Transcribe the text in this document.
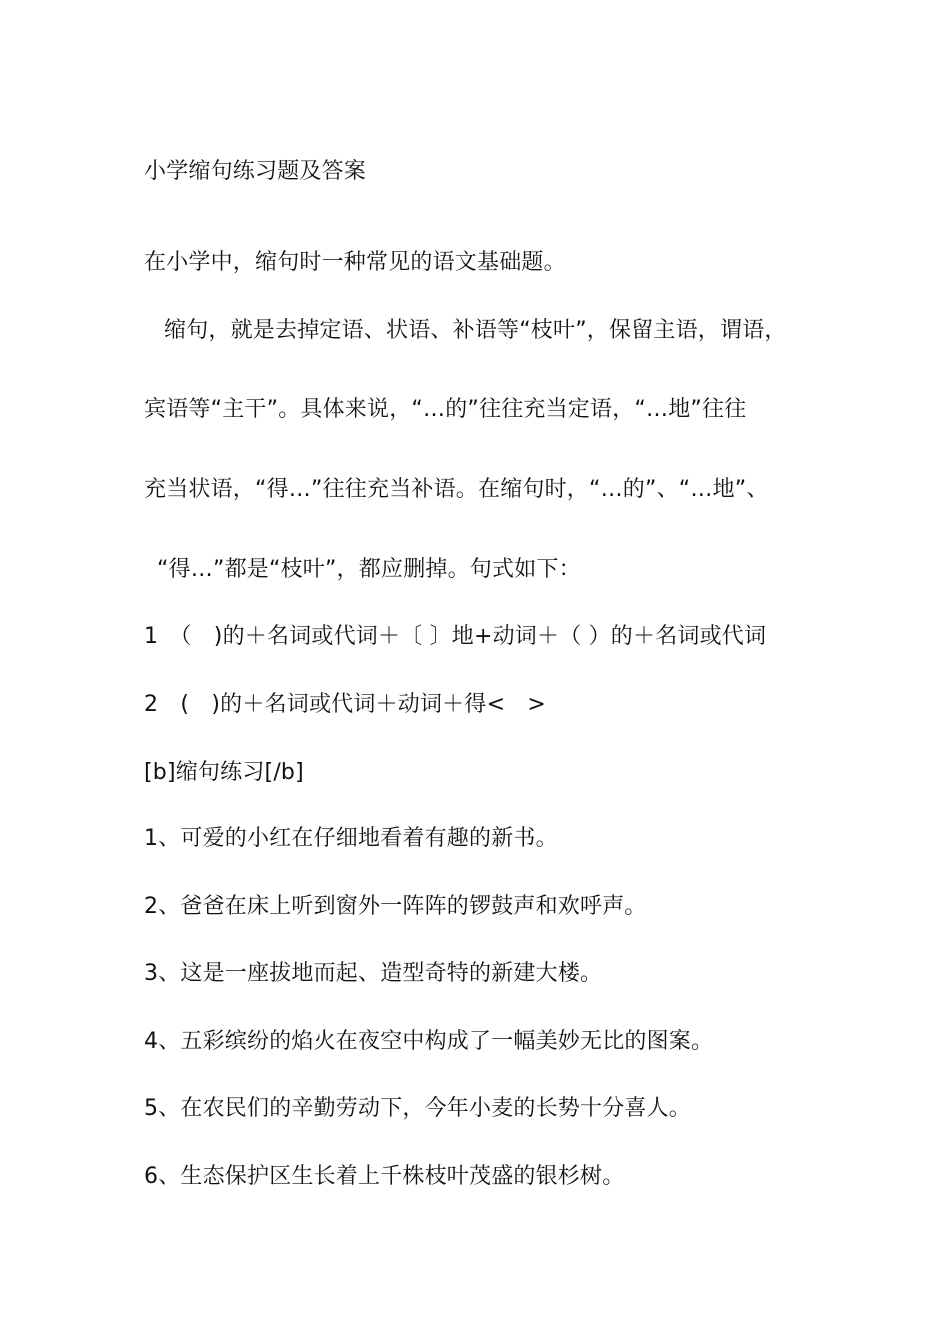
小学缩句练习题及答案
在小学中，缩句时一种常见的语文基础题。
缩句，就是去掉定语、状语、补语等“枝叶”，保留主语，谓语，
宾语等“主干”。具体来说，“…的”往往充当定语，“…地”往往
充当状语，“得…”往往充当补语。在缩句时，“…的”、“…地”、
“得…”都是“枝叶”，都应删掉。句式如下：
1　（　)的＋名词或代词＋〔 〕地+动词＋（ ）的＋名词或代词
2　(　)的＋名词或代词＋动词＋得<　>
[b]缩句练习[/b]
1、可爱的小红在仔细地看着有趣的新书。
2、爸爸在床上听到窗外一阵阵的锣鼓声和欢呼声。
3、这是一座拔地而起、造型奇特的新建大楼。
4、五彩缤纷的焰火在夜空中构成了一幅美妙无比的图案。
5、在农民们的辛勤劳动下，今年小麦的长势十分喜人。
6、生态保护区生长着上千株枝叶茂盛的银杉树。
